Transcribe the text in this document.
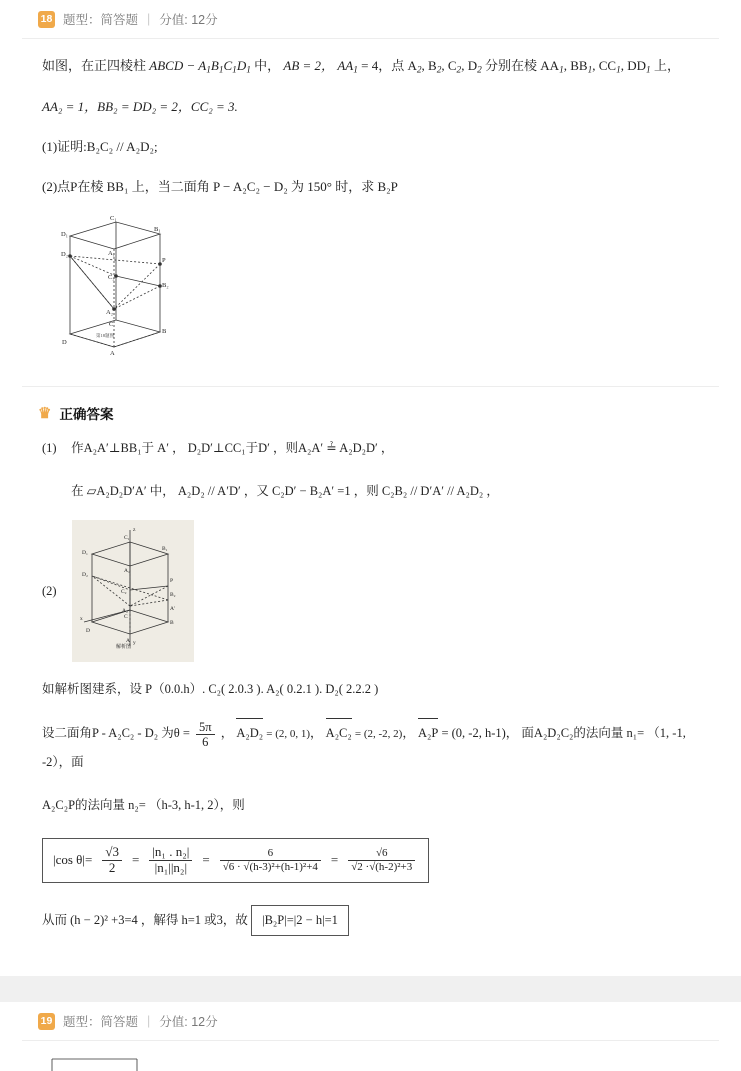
18 题型：简答题 | 分值: 12分

如图，在正四棱柱 ABCD − $A_1B_1C_1D_1$ 中， AB = 2， $AA_1 = 4$，点 $A_2$, $B_2$, $C_2$, $D_2$ 分别在棱 $AA_1$, $BB_1$, $CC_1$, $DD_1$ 上，

AA₂ = 1，BB₂ = DD₂ = 2，CC₂ = 3.

(1)证明:B₂C₂ // A₂D₂;

(2)点P在棱 BB₁ 上，当二面角 P − A₂C₂ − D₂ 为 150° 时，求 B₂P

C₁
B₁
D₁
A₁
C₂
P
B₂
D₂
A₂
C
B
D
A
第18题图
♛ 正确答案

(1) 作A₂A′⊥BB₁于 A′ ， D₂D′⊥CC₁于D′ ，则A₂A′ ≟ A₂D₂D′ ，

在 ▱A₂D₂D′A′ 中， A₂D₂ // A′D′ ，又 C₂D′ − B₂A′ =1 ，则 C₂B₂ // D′A′ // A₂D₂ ，

(2)
C₁
B₁
D₁
A₁
C₂
P
B₂
D₂
A₂	A′
C
B
D
A
z
x
y
解析图

如解析图建系，设 P（0.0.h）. C₂( 2.0.3 ). A₂( 0.2.1 ). D₂( 2.2.2 )

设二面角P - A₂C₂ - D₂ 为$\theta = \frac{5\pi}{6}$ ， A₂D₂ = (2, 0, 1)， A₂C₂ = (2, -2, 2)， A₂P = (0, -2, h-1)， 面A₂D₂C₂的法向量 n₁= （1, -1, -2），面

A₂C₂P的法向量 n₂= （h-3, h-1, 2），则

|cos $\theta|= \frac{√3}{2} = \frac{\text{|n₁ . n₂|}}{\text{|n₁||n₂|}} = \frac{6}{\text{√6 · √(h-3)²+(h-1)²+4}} = \frac{√6}{\text{√2 ·√(h-2)²+3}}$

从而 (h − 2)² +3=4 ，解得 h=1 或3，故 |B₂P|=|2 − h|=1

19 题型：简答题 | 分值: 12分
